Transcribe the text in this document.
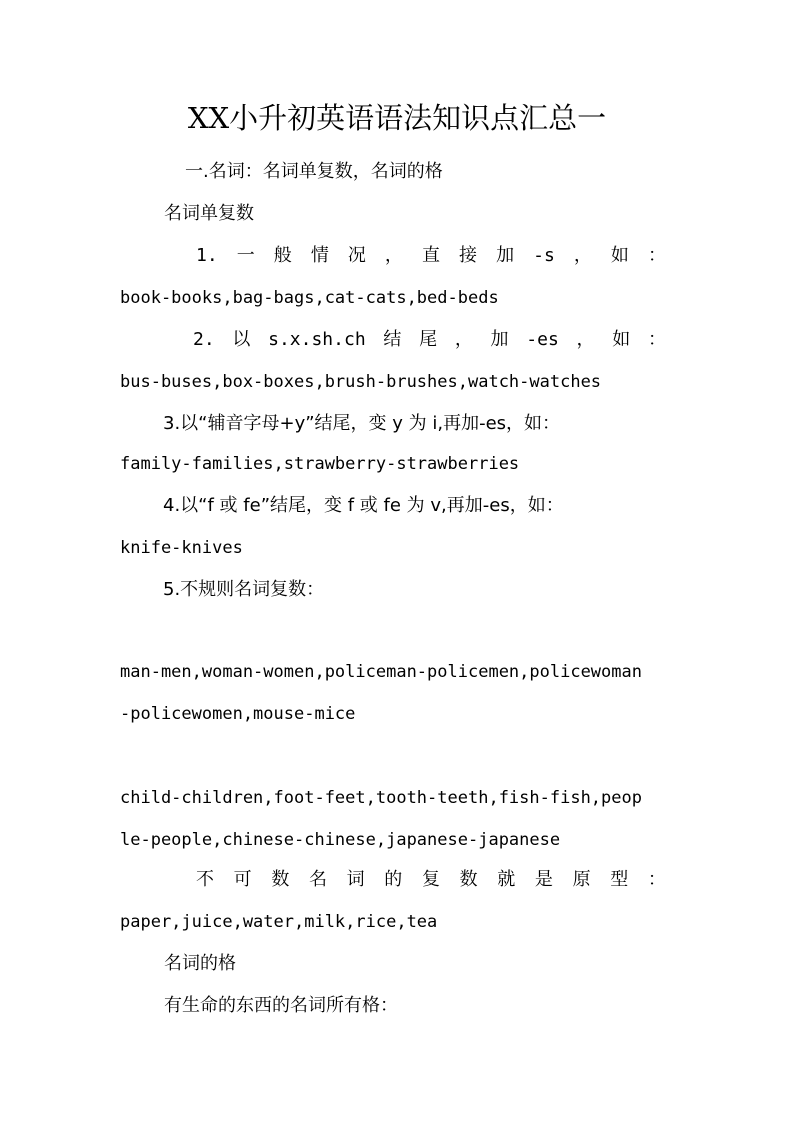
XX小升初英语语法知识点汇总一

一.名词：名词单复数，名词的格

名词单复数

1. 一 般 情 况 ， 直 接 加 -s ， 如 ：

book-books,bag-bags,cat-cats,bed-beds

2. 以 s.x.sh.ch 结 尾 ， 加 -es ， 如 ：

bus-buses,box-boxes,brush-brushes,watch-watches

3.以“辅音字母+y”结尾，变 y 为 i,再加-es，如：

family-families,strawberry-strawberries

4.以“f 或 fe”结尾，变 f 或 fe 为 v,再加-es，如：

knife-knives

5.不规则名词复数：

man-men,woman-women,policeman-policemen,policewoman

-policewomen,mouse-mice

child-children,foot-feet,tooth-teeth,fish-fish,peop

le-people,chinese-chinese,japanese-japanese

不 可 数 名 词 的 复 数 就 是 原 型 ：

paper,juice,water,milk,rice,tea

名词的格

有生命的东西的名词所有格：
